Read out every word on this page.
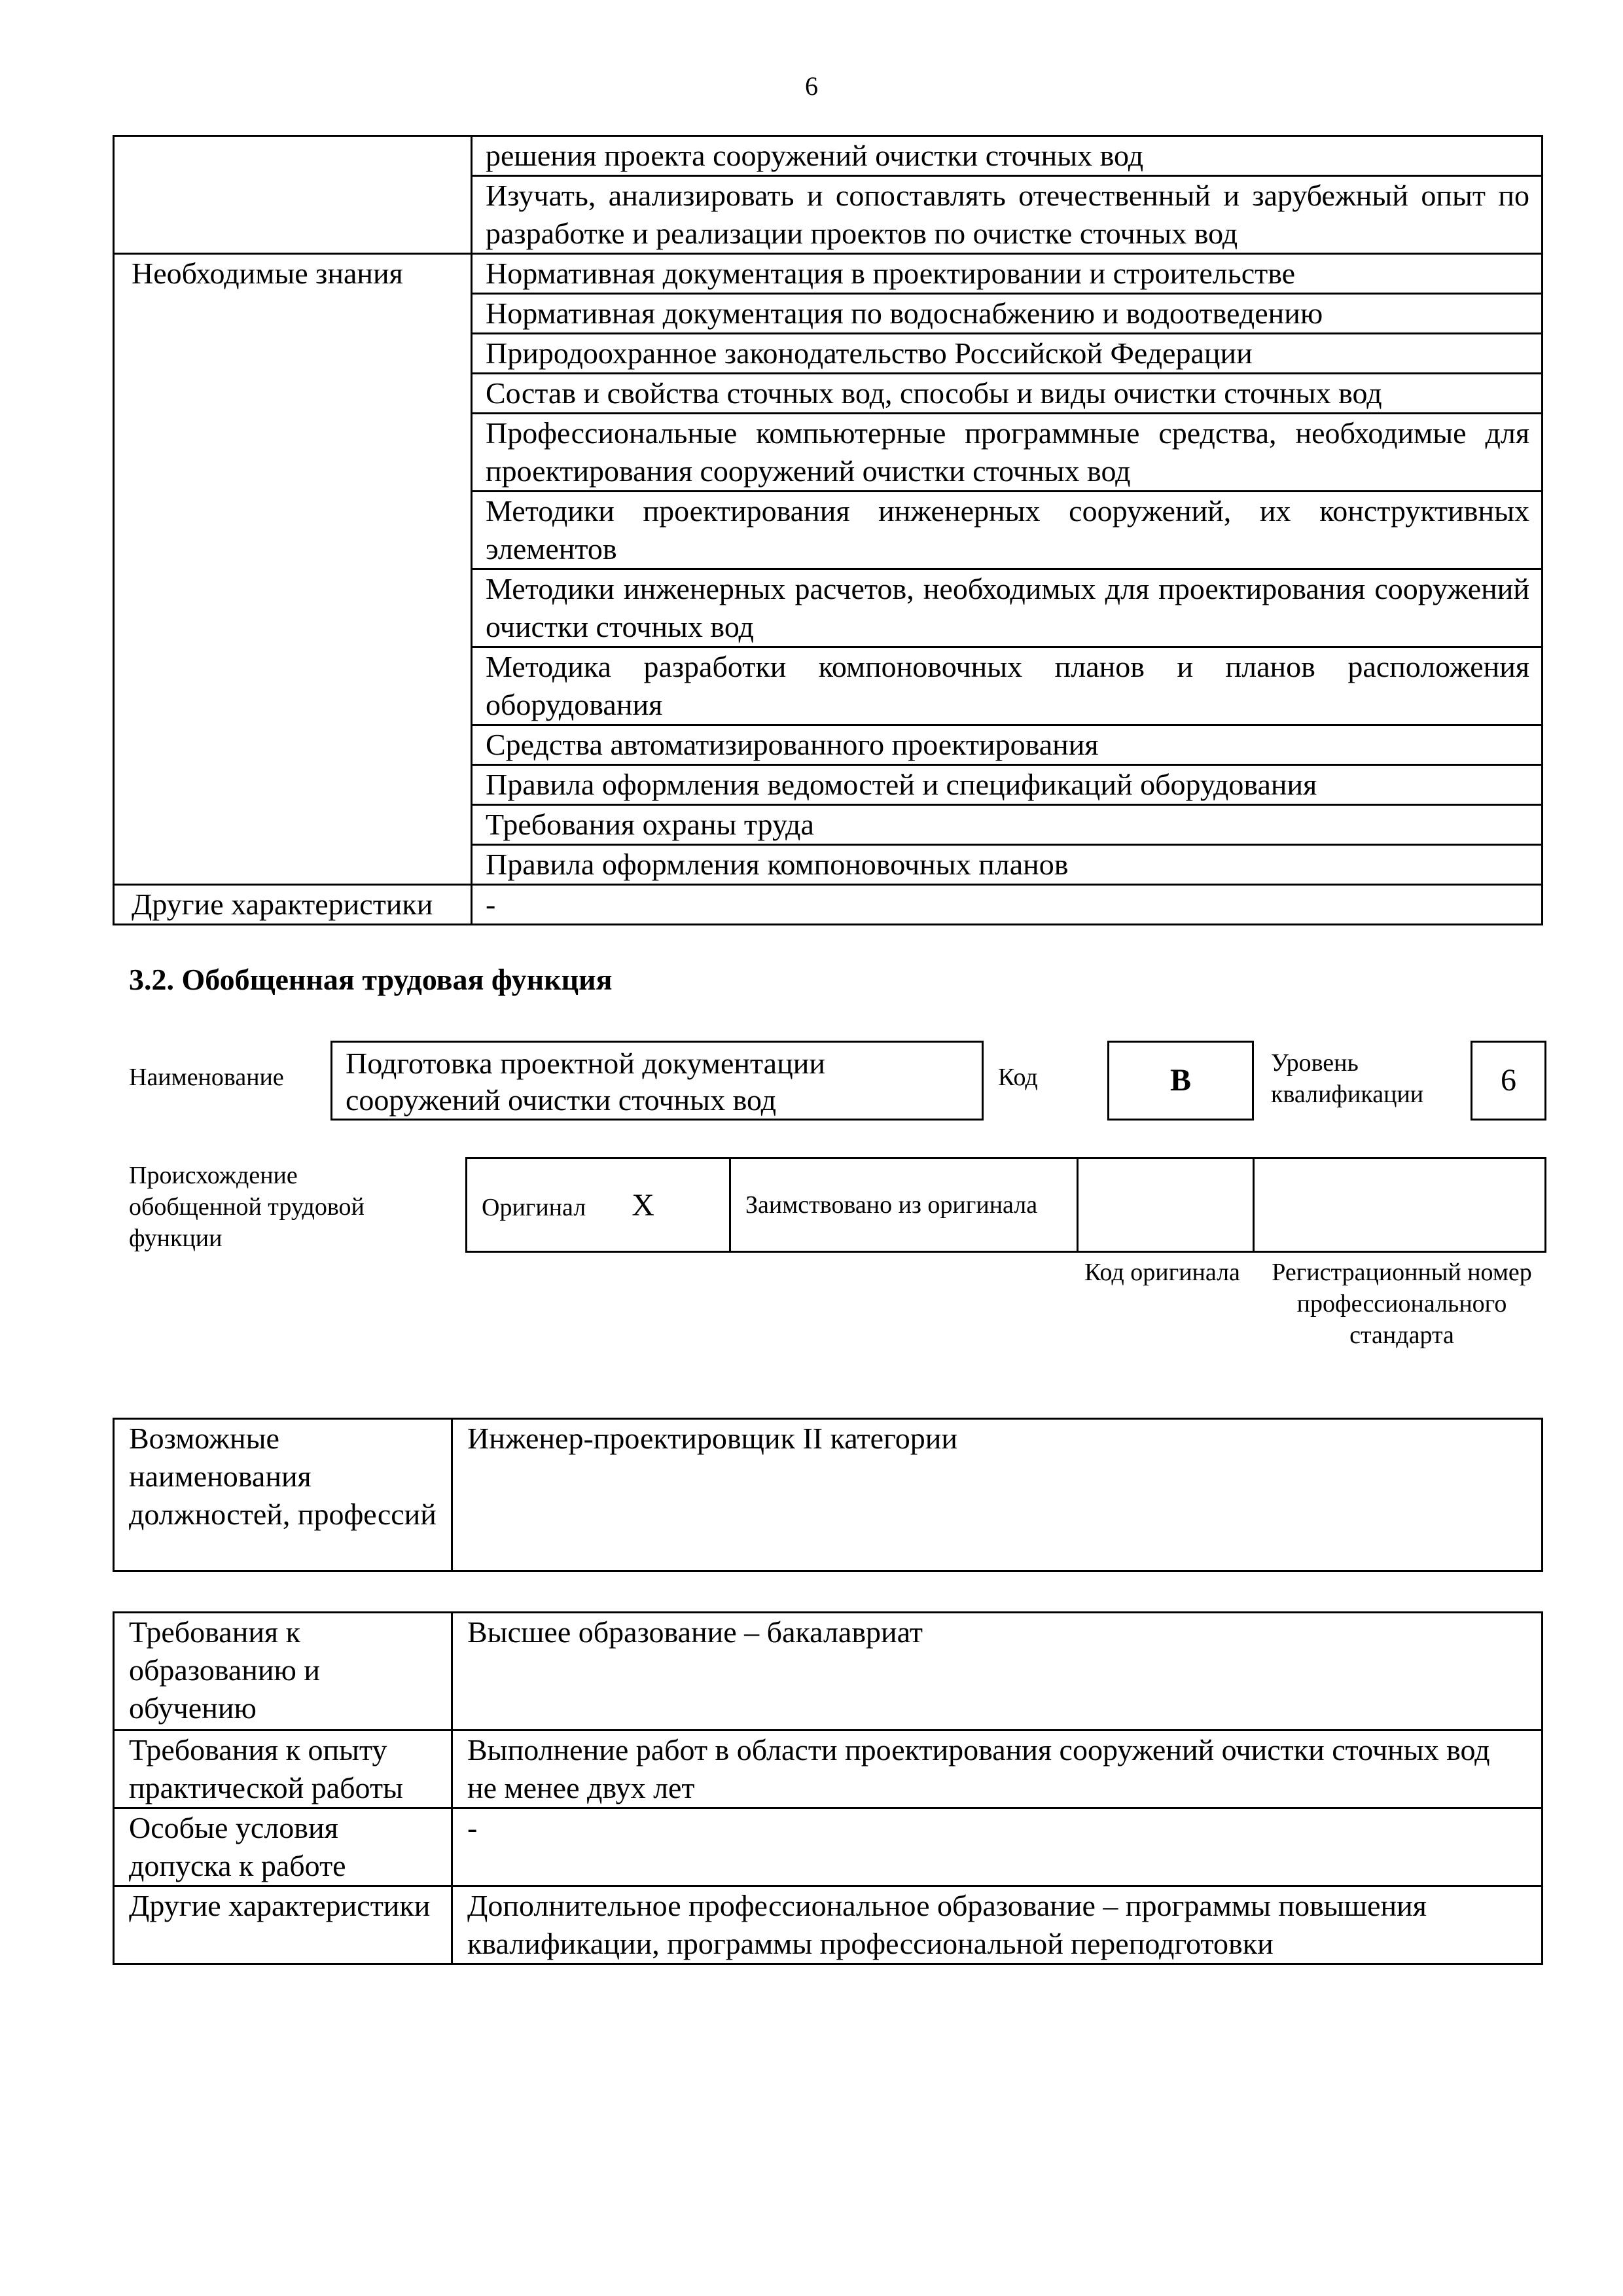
6
	решения проекта сооружений очистки сточных вод
	Изучать, анализировать и сопоставлять отечественный и зарубежный опыт по разработке и реализации проектов по очистке сточных вод
Необходимые знания	Нормативная документация в проектировании и строительстве
	Нормативная документация по водоснабжению и водоотведению
	Природоохранное законодательство Российской Федерации
	Состав и свойства сточных вод, способы и виды очистки сточных вод
	Профессиональные компьютерные программные средства, необходимые для проектирования сооружений очистки сточных вод
	Методики проектирования инженерных сооружений, их конструктивных элементов
	Методики инженерных расчетов, необходимых для проектирования сооружений очистки сточных вод
	Методика разработки компоновочных планов и планов расположения оборудования
	Средства автоматизированного проектирования
	Правила оформления ведомостей и спецификаций оборудования
	Требования охраны труда
	Правила оформления компоновочных планов
Другие характеристики	-
3.2. Обобщенная трудовая функция
Наименование	Подготовка проектной документации сооружений очистки сточных вод
Код	B	Уровень квалификации	6
Происхождение обобщенной трудовой функции
Оригинал X	Заимствовано из оригинала		
Код оригинала	Регистрационный номер профессионального стандарта
Возможные наименования должностей, профессий	Инженер-проектировщик II категории
Требования к образованию и обучению	Высшее образование – бакалавриат
Требования к опыту практической работы	Выполнение работ в области проектирования сооружений очистки сточных вод не менее двух лет
Особые условия допуска к работе	-
Другие характеристики	Дополнительное профессиональное образование – программы повышения квалификации, программы профессиональной переподготовки
